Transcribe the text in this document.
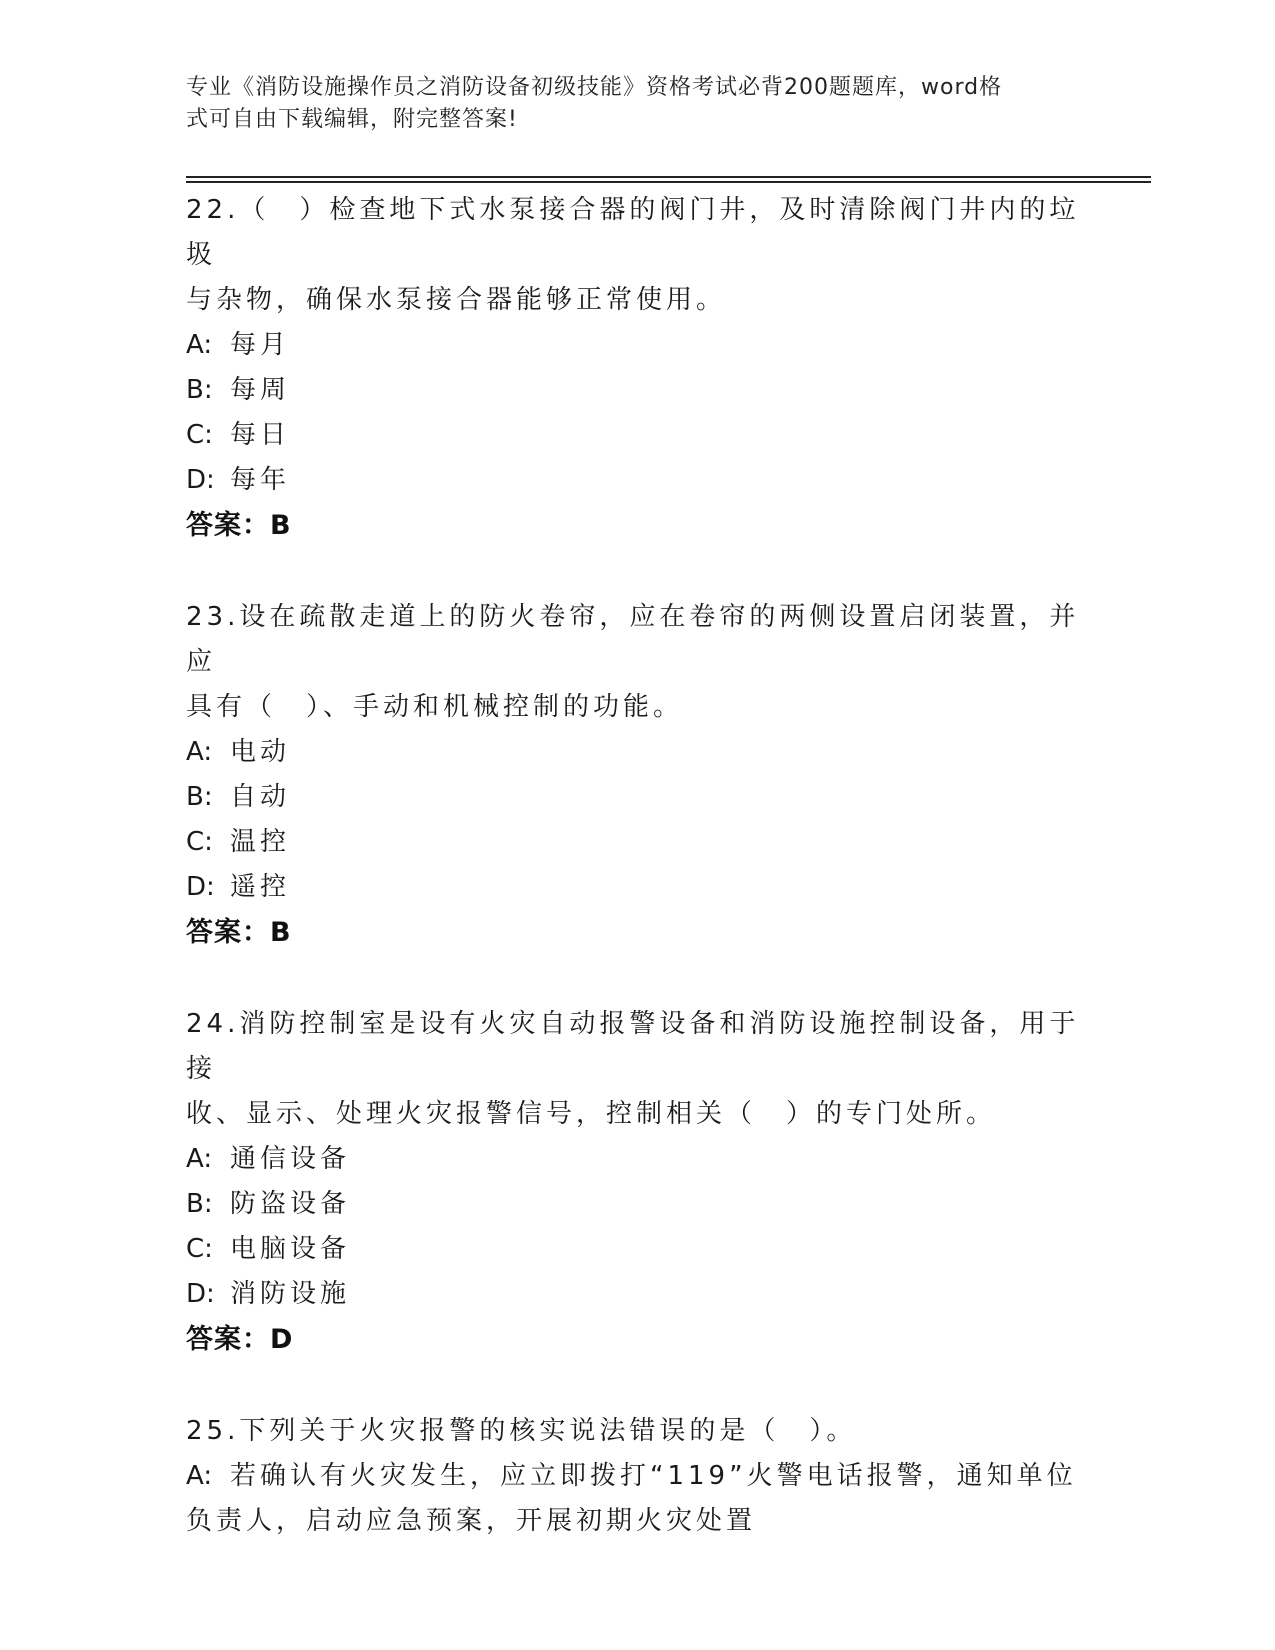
专业《消防设施操作员之消防设备初级技能》资格考试必背200题题库，word格
式可自由下载编辑，附完整答案!
22.（　）检查地下式水泵接合器的阀门井，及时清除阀门井内的垃圾
与杂物，确保水泵接合器能够正常使用。
A: 每月
B: 每周
C: 每日
D: 每年
答案：B
23.设在疏散走道上的防火卷帘，应在卷帘的两侧设置启闭装置，并应
具有（　）、手动和机械控制的功能。
A: 电动
B: 自动
C: 温控
D: 遥控
答案：B
24.消防控制室是设有火灾自动报警设备和消防设施控制设备，用于接
收、显示、处理火灾报警信号，控制相关（　）的专门处所。
A: 通信设备
B: 防盗设备
C: 电脑设备
D: 消防设施
答案：D
25.下列关于火灾报警的核实说法错误的是（　）。
A: 若确认有火灾发生，应立即拨打“119”火警电话报警，通知单位
负责人，启动应急预案，开展初期火灾处置
